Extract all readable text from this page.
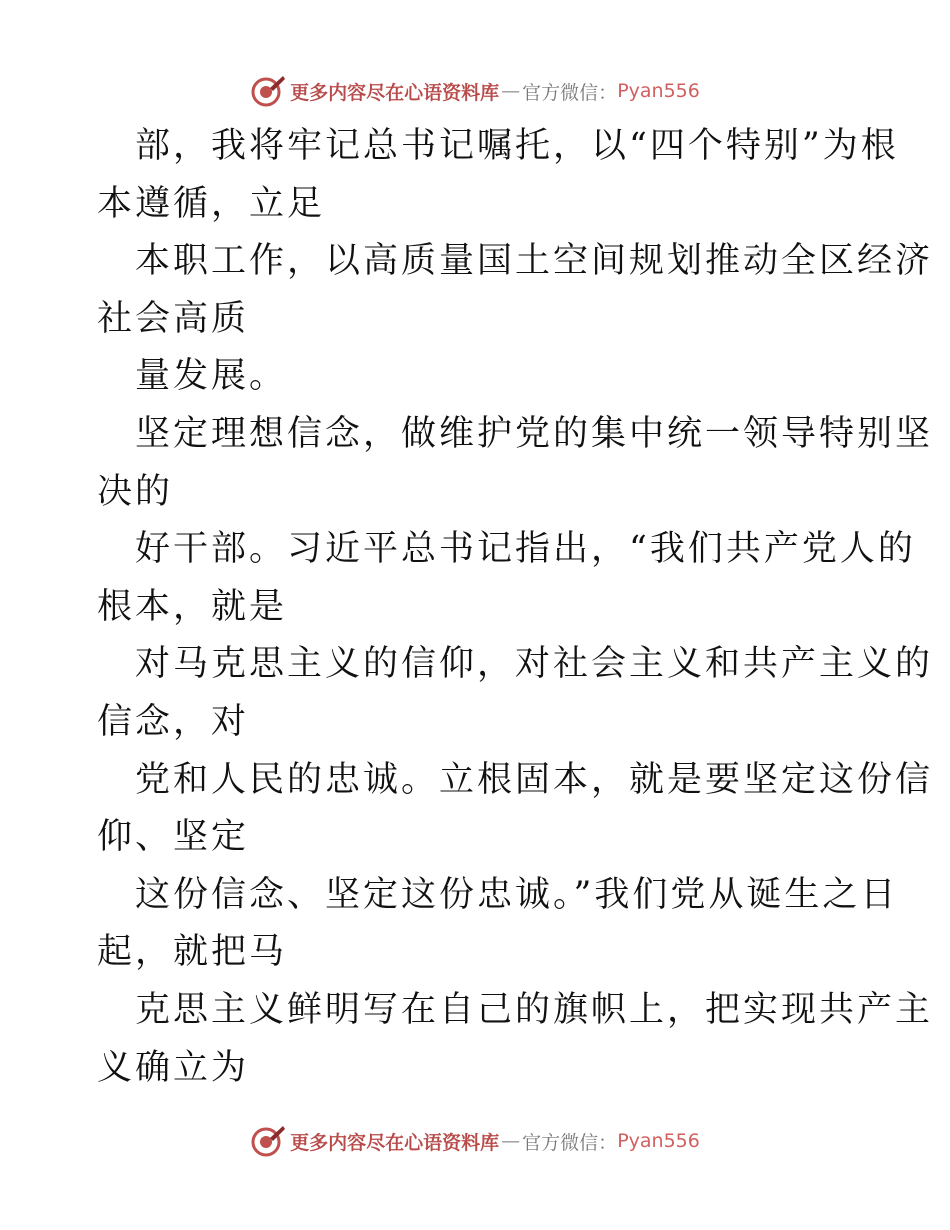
更多内容尽在心语资料库 — 官方微信： Pyan556
部，我将牢记总书记嘱托，以“四个特别”为根
本遵循，立足
本职工作，以高质量国土空间规划推动全区经济
社会高质
量发展。
坚定理想信念，做维护党的集中统一领导特别坚
决的
好干部。习近平总书记指出，“我们共产党人的
根本，就是
对马克思主义的信仰，对社会主义和共产主义的
信念，对
党和人民的忠诚。立根固本，就是要坚定这份信
仰、坚定
这份信念、坚定这份忠诚。”我们党从诞生之日
起，就把马
克思主义鲜明写在自己的旗帜上，把实现共产主
义确立为
更多内容尽在心语资料库 — 官方微信： Pyan556
